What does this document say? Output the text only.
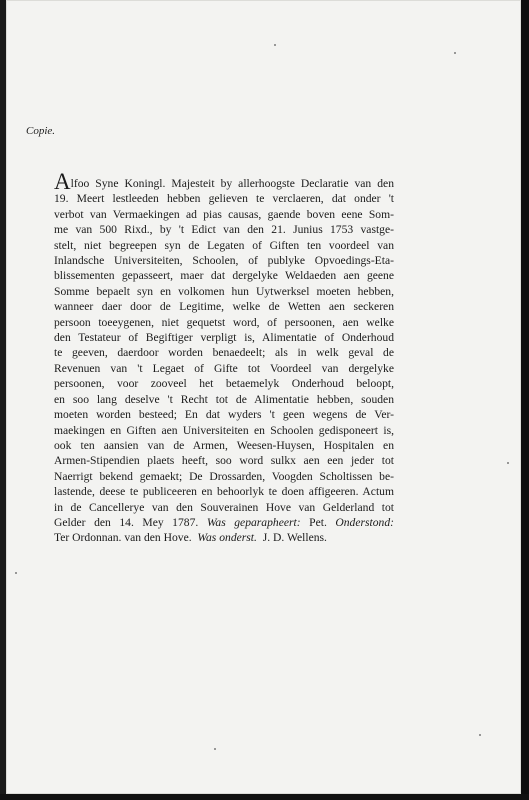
Copie.
Alfoo Syne Koningl. Majesteit by allerhoogste Declaratie van den
19. Meert lestleeden hebben gelieven te verclaeren, dat onder 't
verbot van Vermaekingen ad pias causas, gaende boven eene Som-
me van 500 Rixd., by 't Edict van den 21. Junius 1753 vastge-
stelt, niet begreepen syn de Legaten of Giften ten voordeel van
Inlandsche Universiteiten, Schoolen, of publyke Opvoedings-Eta-
blissementen gepasseert, maer dat dergelyke Weldaeden aen geene
Somme bepaelt syn en volkomen hun Uytwerksel moeten hebben,
wanneer daer door de Legitime, welke de Wetten aen seckeren
persoon toeeygenen, niet gequetst word, of persoonen, aen welke
den Testateur of Begiftiger verpligt is, Alimentatie of Onderhoud
te geeven, daerdoor worden benaedeelt; als in welk geval de
Revenuen van 't Legaet of Gifte tot Voordeel van dergelyke
persoonen, voor zooveel het betaemelyk Onderhoud beloopt,
en soo lang deselve 't Recht tot de Alimentatie hebben, souden
moeten worden besteed; En dat wyders 't geen wegens de Ver-
maekingen en Giften aen Universiteiten en Schoolen gedisponeert is,
ook ten aansien van de Armen, Weesen-Huysen, Hospitalen en
Armen-Stipendien plaets heeft, soo word sulkx aen een jeder tot
Naerrigt bekend gemaekt; De Drossarden, Voogden Scholtissen be-
lastende, deese te publiceeren en behoorlyk te doen affigeeren. Actum
in de Cancellerye van den Souverainen Hove van Gelderland tot
Gelder den 14. Mey 1787. Was geparapheert: Pet. Onderstond:
Ter Ordonnan. van den Hove. Was onderst. J. D. Wellens.
